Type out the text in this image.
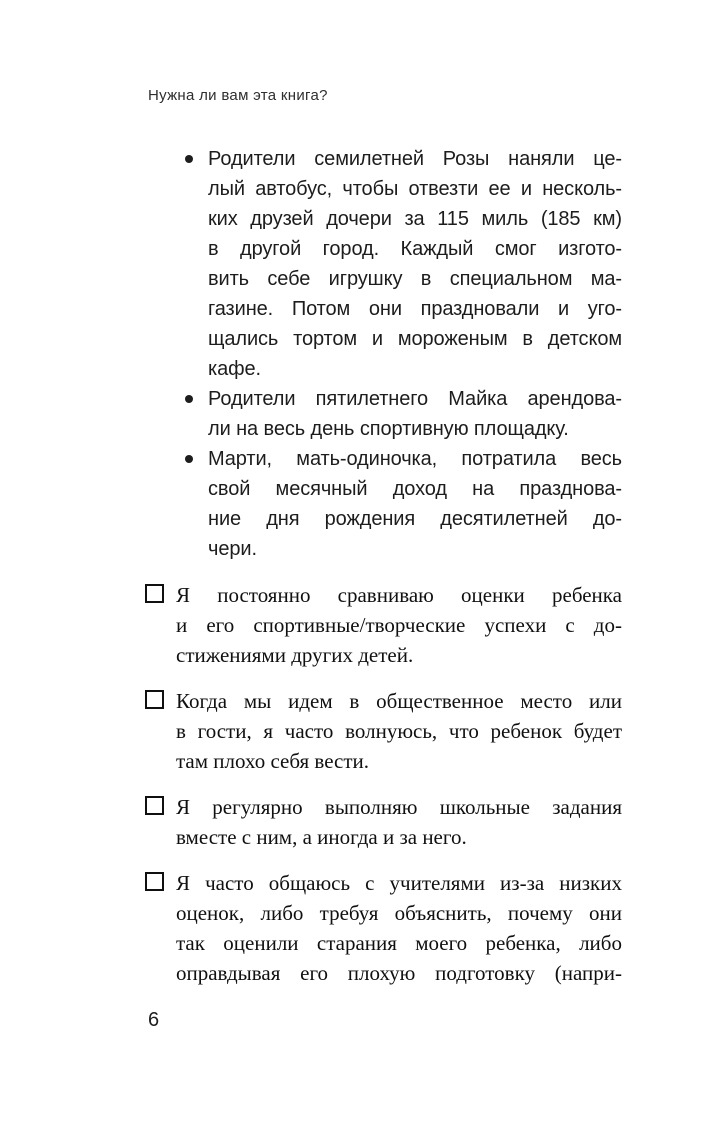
Нужна ли вам эта книга?
Родители семилетней Розы наняли це-
лый автобус, чтобы отвезти ее и несколь-
ких друзей дочери за 115 миль (185 км)
в другой город. Каждый смог изгото-
вить себе игрушку в специальном ма-
газине. Потом они праздновали и уго-
щались тортом и мороженым в детском
кафе.
Родители пятилетнего Майка арендова-
ли на весь день спортивную площадку.
Марти, мать-одиночка, потратила весь
свой месячный доход на празднова-
ние дня рождения десятилетней до-
чери.
Я постоянно сравниваю оценки ребенка
и его спортивные/творческие успехи с до-
стижениями других детей.
Когда мы идем в общественное место или
в гости, я часто волнуюсь, что ребенок будет
там плохо себя вести.
Я регулярно выполняю школьные задания
вместе с ним, а иногда и за него.
Я часто общаюсь с учителями из-за низких
оценок, либо требуя объяснить, почему они
так оценили старания моего ребенка, либо
оправдывая его плохую подготовку (напри-
6
